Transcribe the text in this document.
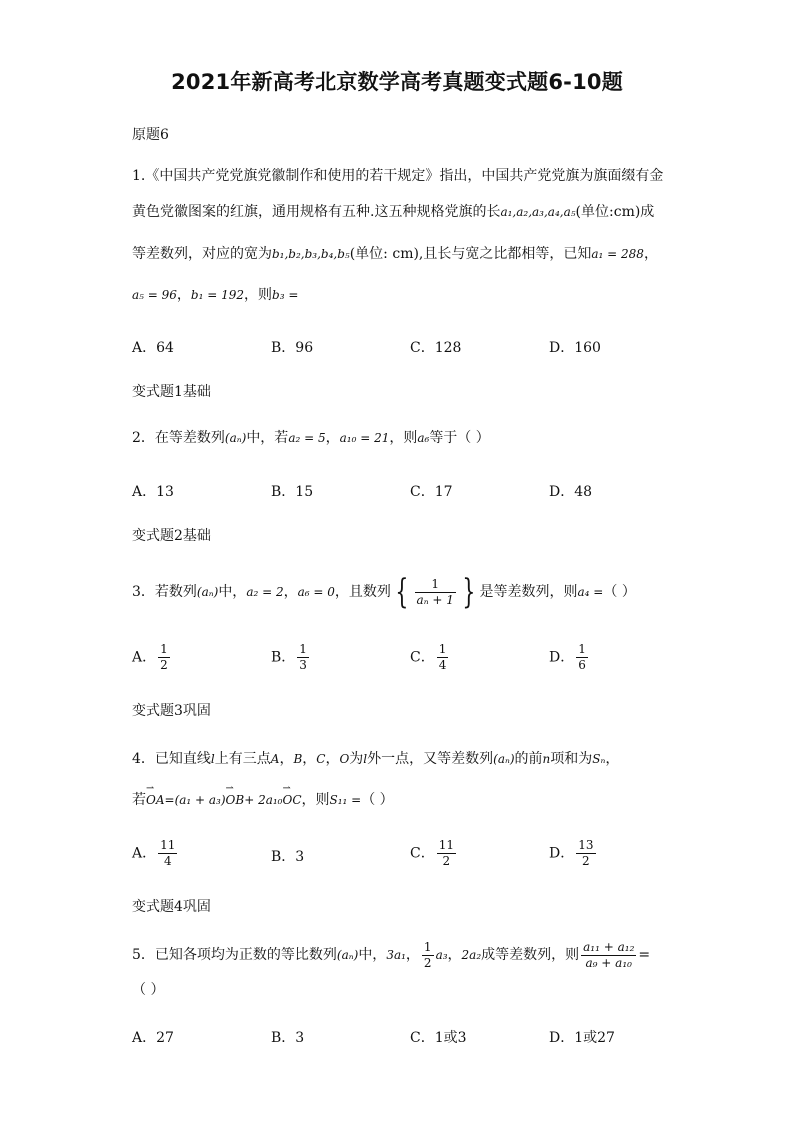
2021年新高考北京数学高考真题变式题6-10题
原题6
1.《中国共产党党旗党徽制作和使用的若干规定》指出，中国共产党党旗为旗面缀有金
黄色党徽图案的红旗，通用规格有五种.这五种规格党旗的长a₁,a₂,a₃,a₄,a₅(单位:cm)成
等差数列，对应的宽为b₁,b₂,b₃,b₄,b₅(单位: cm),且长与宽之比都相等，已知a₁ = 288，
a₅ = 96，b₁ = 192，则b₃ =
A．64	B．96	C．128	D．160
变式题1基础
2．在等差数列(aₙ)中，若a₂ = 5，a₁₀ = 21，则a₆等于（ ）
A．13	B．15	C．17	D．48
变式题2基础
3．若数列(aₙ)中，a₂ = 2，a₆ = 0，且数列 { $\frac{1}{\text{aₙ + 1}}$ } 是等差数列，则a₄ =（ ）
A． $\frac{1}{2}$	B． $\frac{1}{3}$	C． $\frac{1}{4}$	D． $\frac{1}{6}$
变式题3巩固
4．已知直线l上有三点A，B，C，O为l外一点，又等差数列(aₙ)的前n项和为Sₙ，
若⇀ OA=(a₁ + a₃)⇀ OB+ 2a₁₀⇀ OC，则S₁₁ =（ ）
A． $\frac{11}{4}$	B．3	C． $\frac{11}{2}$	D． $\frac{13}{2}$
变式题4巩固
5．已知各项均为正数的等比数列(aₙ)中，3a₁， $\frac{1}{2} a_3$，2a₂成等差数列，则 $\frac{\text{a₁₁ + a₁₂}}{\text{a₉ + a₁₀}}$ =
（ ）
A．27	B．3	C．1或3	D．1或27
